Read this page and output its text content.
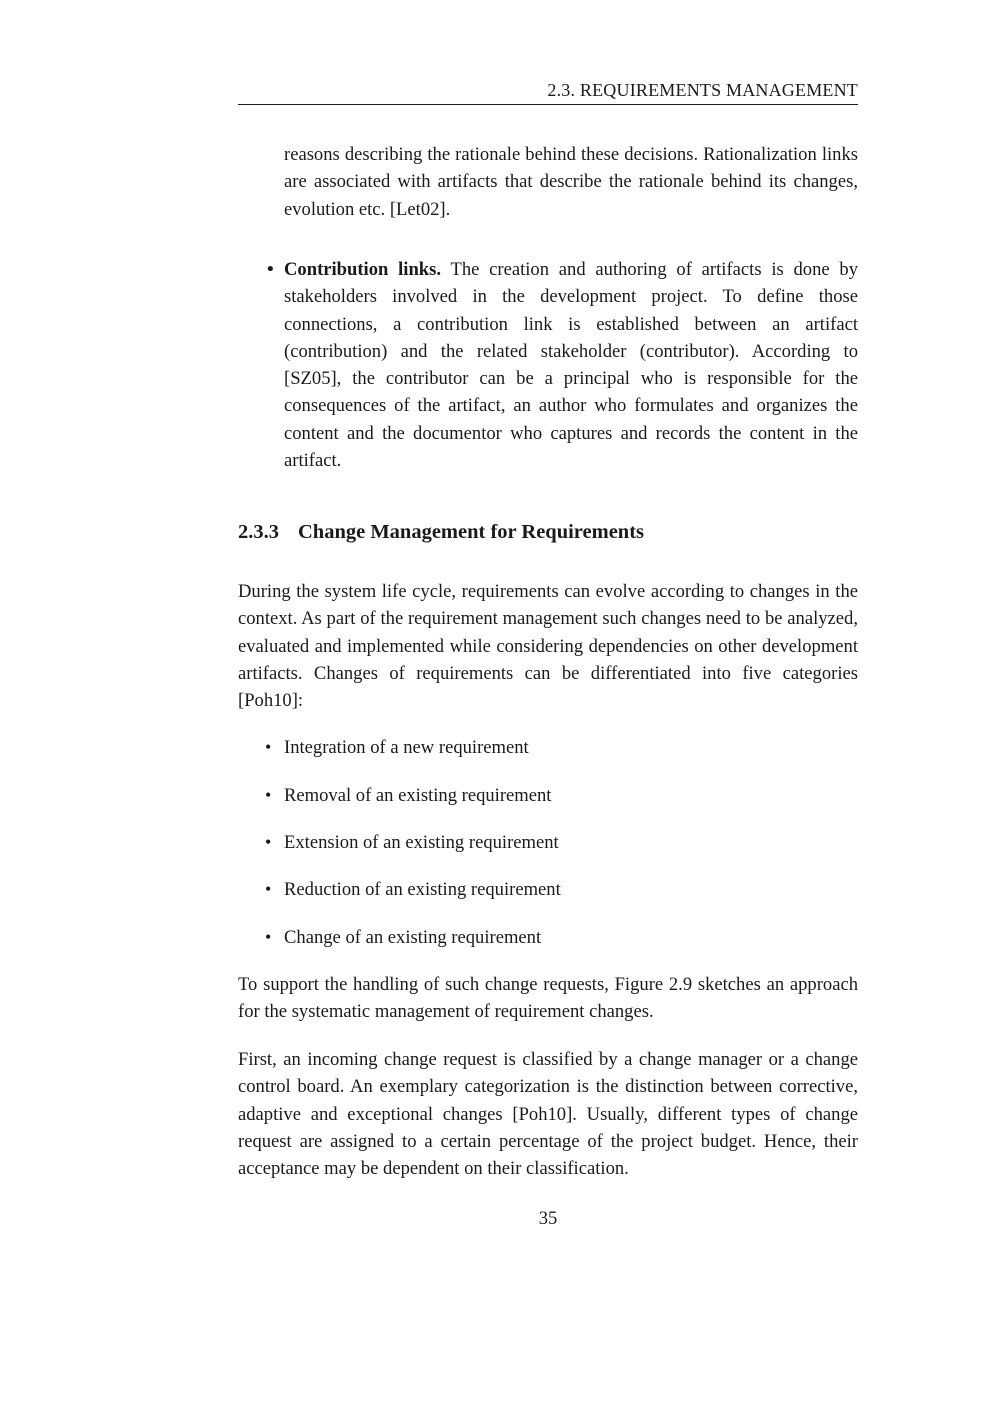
2.3. REQUIREMENTS MANAGEMENT

reasons describing the rationale behind these decisions. Rationalization links are associated with artifacts that describe the rationale behind its changes, evolution etc. [Let02].

• Contribution links. The creation and authoring of artifacts is done by stakeholders involved in the development project. To define those connections, a contribution link is established between an artifact (contribution) and the related stakeholder (contributor). According to [SZ05], the contributor can be a principal who is responsible for the consequences of the artifact, an author who formulates and organizes the content and the documentor who captures and records the content in the artifact.

2.3.3 Change Management for Requirements

During the system life cycle, requirements can evolve according to changes in the context. As part of the requirement management such changes need to be analyzed, evaluated and implemented while considering dependencies on other development artifacts. Changes of requirements can be differentiated into five categories [Poh10]:

• Integration of a new requirement
• Removal of an existing requirement
• Extension of an existing requirement
• Reduction of an existing requirement
• Change of an existing requirement

To support the handling of such change requests, Figure 2.9 sketches an approach for the systematic management of requirement changes.

First, an incoming change request is classified by a change manager or a change control board. An exemplary categorization is the distinction between corrective, adaptive and exceptional changes [Poh10]. Usually, different types of change request are assigned to a certain percentage of the project budget. Hence, their acceptance may be dependent on their classification.

35
